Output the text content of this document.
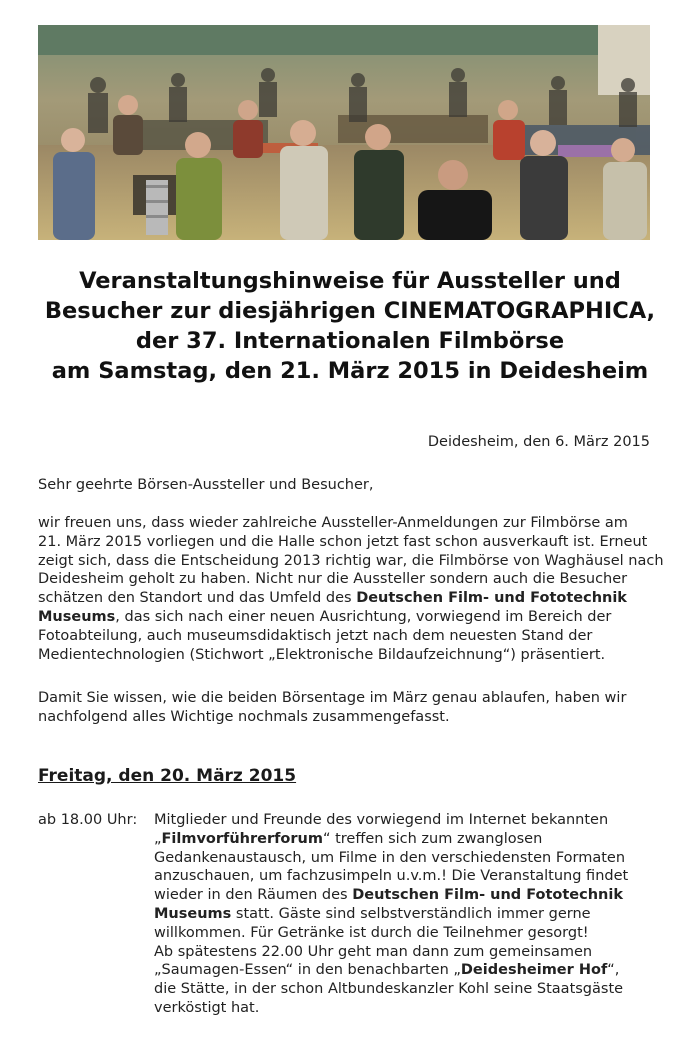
Veranstaltungshinweise für Aussteller und
Besucher zur diesjährigen CINEMATOGRAPHICA,
der 37. Internationalen Filmbörse
am Samstag, den 21. März 2015 in Deidesheim
Deidesheim, den 6. März 2015
Sehr geehrte Börsen-Aussteller und Besucher,
wir freuen uns, dass wieder zahlreiche Aussteller-Anmeldungen zur Filmbörse am
21. März 2015 vorliegen und die Halle schon jetzt fast schon ausverkauft ist. Erneut
zeigt sich, dass die Entscheidung 2013 richtig war, die Filmbörse von Waghäusel nach
Deidesheim geholt zu haben. Nicht nur die Aussteller sondern auch die Besucher
schätzen den Standort und das Umfeld des Deutschen Film- und Fototechnik
Museums, das sich nach einer neuen Ausrichtung, vorwiegend im Bereich der
Fotoabteilung, auch museumsdidaktisch jetzt nach dem neuesten Stand der
Medientechnologien (Stichwort „Elektronische Bildaufzeichnung“) präsentiert.
Damit Sie wissen, wie die beiden Börsentage im März genau ablaufen, haben wir
nachfolgend alles Wichtige nochmals zusammengefasst.
Freitag, den 20. März 2015
ab 18.00 Uhr: Mitglieder und Freunde des vorwiegend im Internet bekannten
„Filmvorführerforum“ treffen sich zum zwanglosen
Gedankenaustausch, um Filme in den verschiedensten Formaten
anzuschauen, um fachzusimpeln u.v.m.! Die Veranstaltung findet
wieder in den Räumen des Deutschen Film- und Fototechnik
Museums statt. Gäste sind selbstverständlich immer gerne
willkommen. Für Getränke ist durch die Teilnehmer gesorgt!
Ab spätestens 22.00 Uhr geht man dann zum gemeinsamen
„Saumagen-Essen“ in den benachbarten „Deidesheimer Hof“,
die Stätte, in der schon Altbundeskanzler Kohl seine Staatsgäste
verköstigt hat.
